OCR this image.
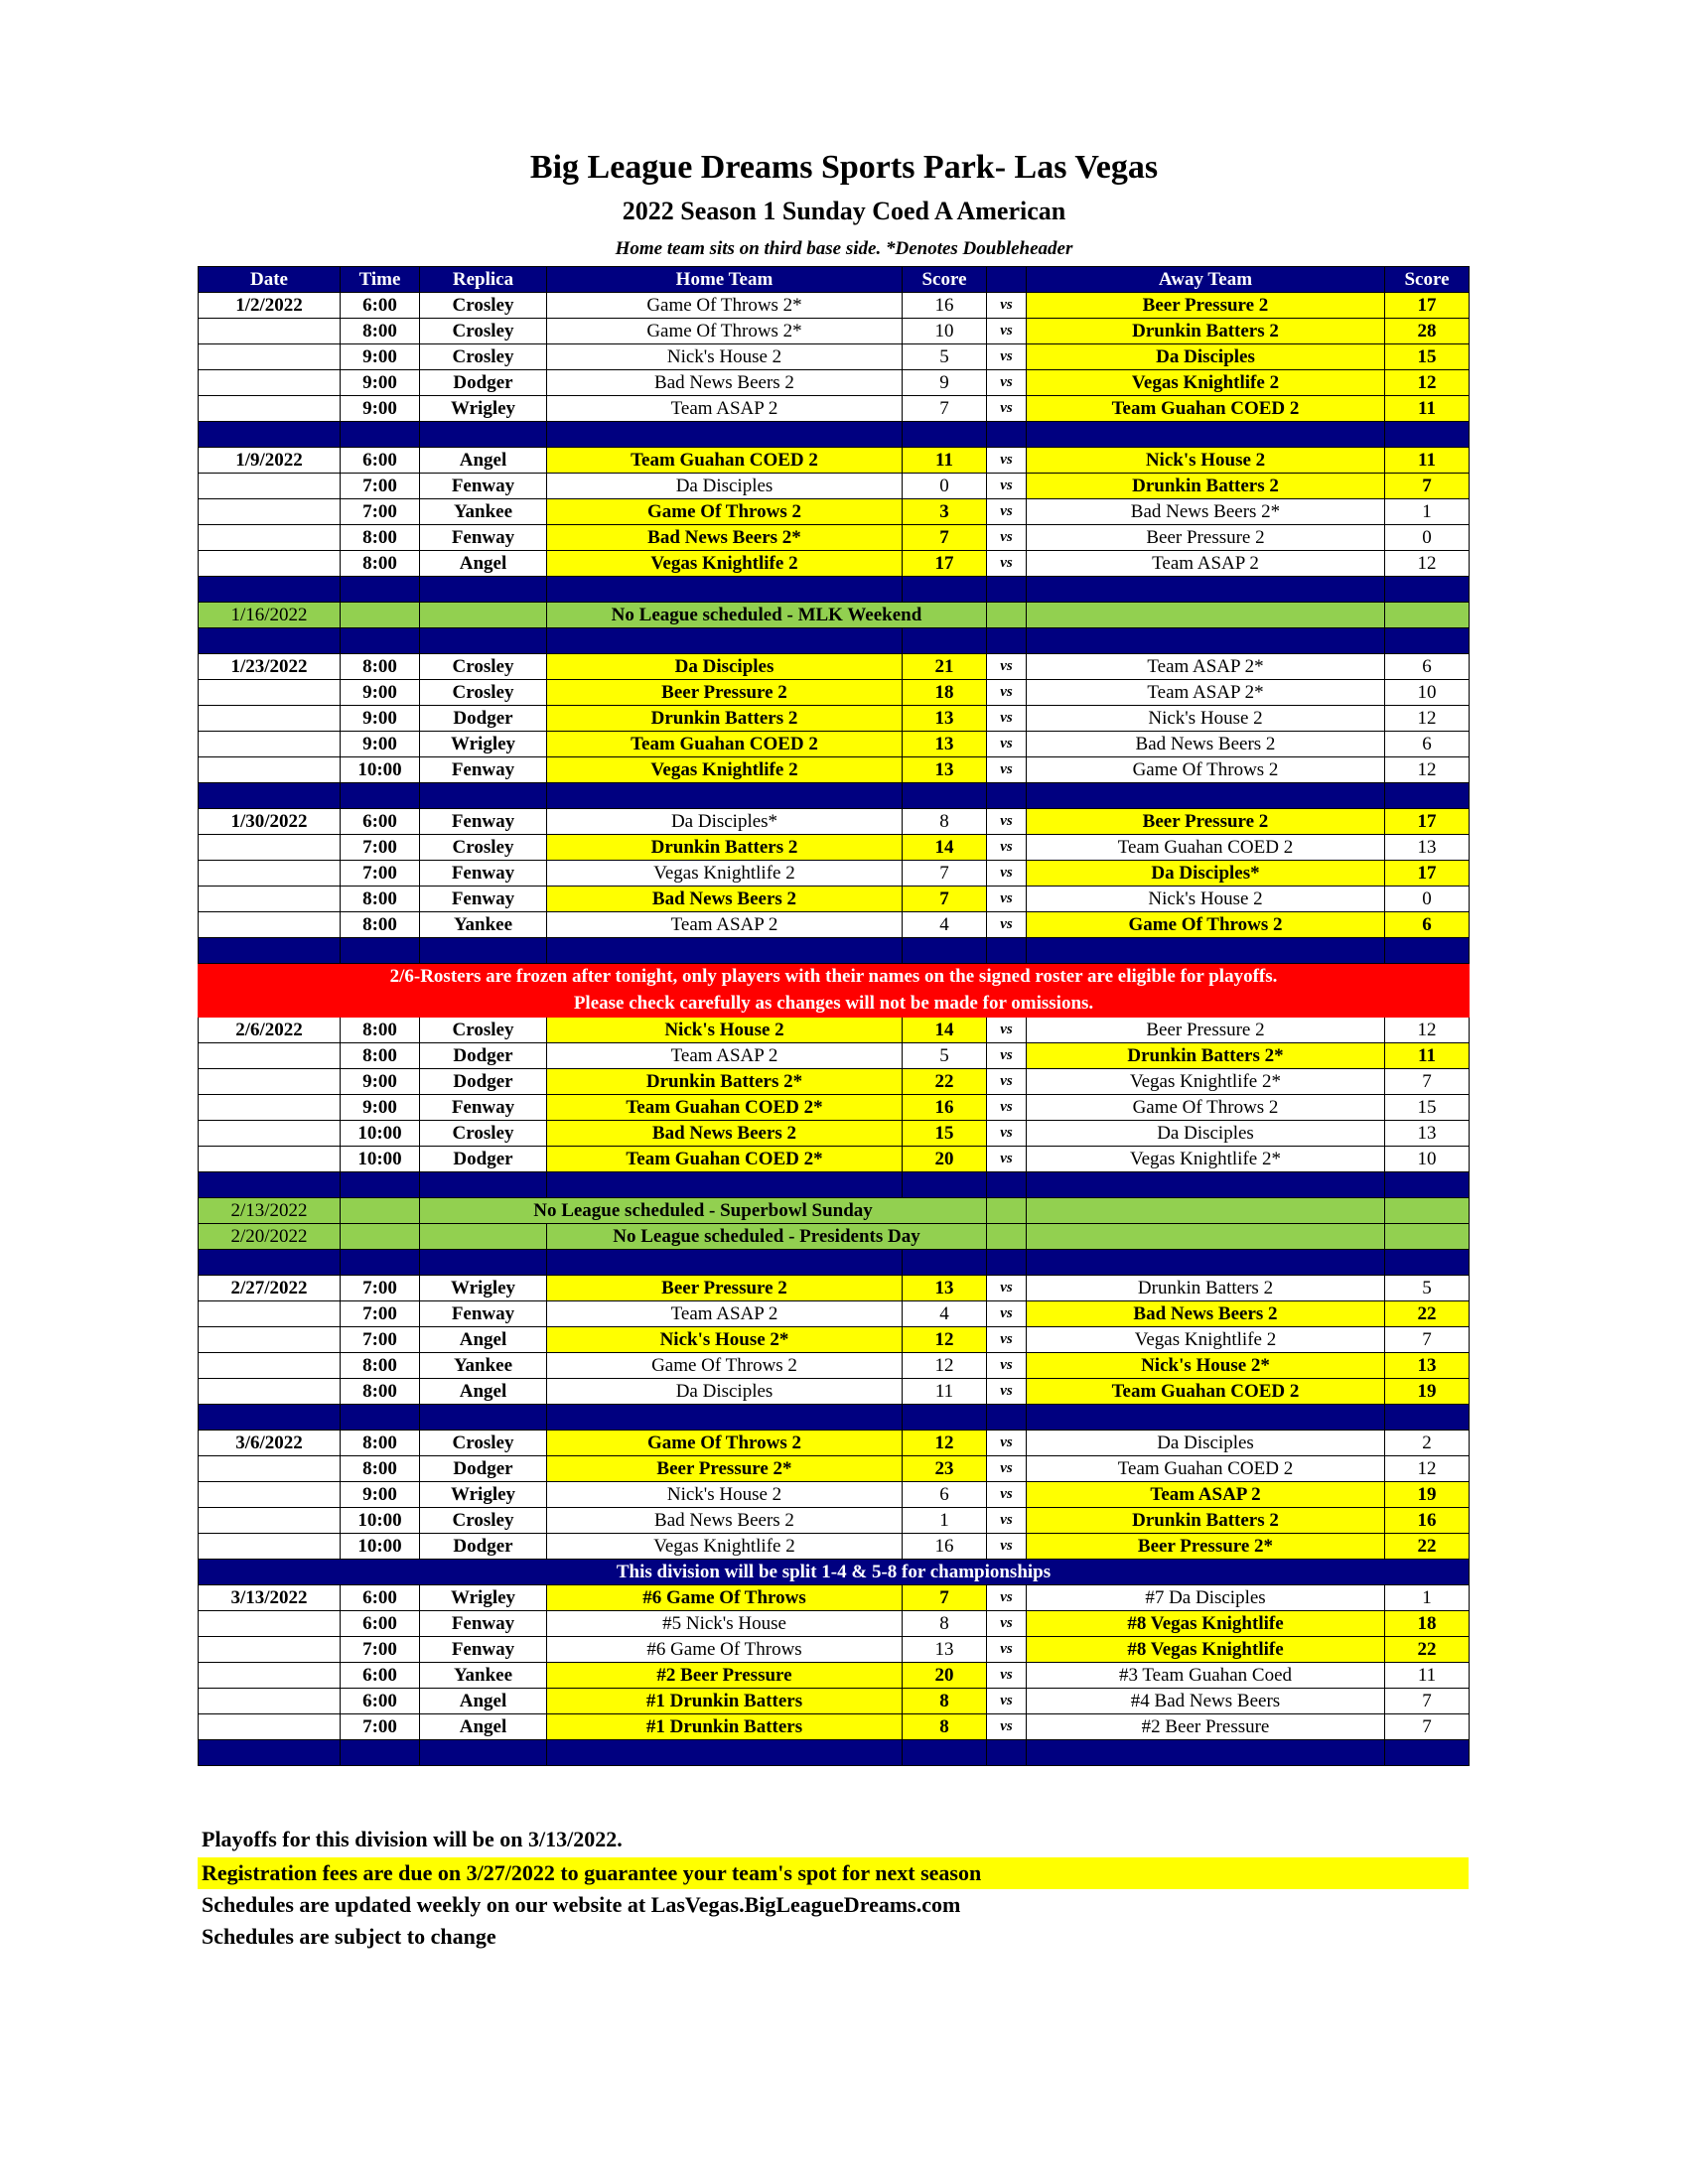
Big League Dreams Sports Park- Las Vegas
2022 Season 1 Sunday Coed A American
Home team sits on third base side. *Denotes Doubleheader
Date	Time	Replica	Home Team	Score		Away Team	Score
1/2/2022	6:00	Crosley	Game Of Throws 2*	16	vs	Beer Pressure 2	17
	8:00	Crosley	Game Of Throws 2*	10	vs	Drunkin Batters 2	28
	9:00	Crosley	Nick's House 2	5	vs	Da Disciples	15
	9:00	Dodger	Bad News Beers 2	9	vs	Vegas Knightlife 2	12
	9:00	Wrigley	Team ASAP 2	7	vs	Team Guahan COED 2	11

1/9/2022	6:00	Angel	Team Guahan COED 2	11	vs	Nick's House 2	11
	7:00	Fenway	Da Disciples	0	vs	Drunkin Batters 2	7
	7:00	Yankee	Game Of Throws 2	3	vs	Bad News Beers 2*	1
	8:00	Fenway	Bad News Beers 2*	7	vs	Beer Pressure 2	0
	8:00	Angel	Vegas Knightlife 2	17	vs	Team ASAP 2	12

1/16/2022			No League scheduled - MLK Weekend				

1/23/2022	8:00	Crosley	Da Disciples	21	vs	Team ASAP 2*	6
	9:00	Crosley	Beer Pressure 2	18	vs	Team ASAP 2*	10
	9:00	Dodger	Drunkin Batters 2	13	vs	Nick's House 2	12
	9:00	Wrigley	Team Guahan COED 2	13	vs	Bad News Beers 2	6
	10:00	Fenway	Vegas Knightlife 2	13	vs	Game Of Throws 2	12

1/30/2022	6:00	Fenway	Da Disciples*	8	vs	Beer Pressure 2	17
	7:00	Crosley	Drunkin Batters 2	14	vs	Team Guahan COED 2	13
	7:00	Fenway	Vegas Knightlife 2	7	vs	Da Disciples*	17
	8:00	Fenway	Bad News Beers 2	7	vs	Nick's House 2	0
	8:00	Yankee	Team ASAP 2	4	vs	Game Of Throws 2	6

2/6-Rosters are frozen after tonight, only players with their names on the signed roster are eligible for playoffs.							
Please check carefully as changes will not be made for omissions.							
2/6/2022	8:00	Crosley	Nick's House 2	14	vs	Beer Pressure 2	12
	8:00	Dodger	Team ASAP 2	5	vs	Drunkin Batters 2*	11
	9:00	Dodger	Drunkin Batters 2*	22	vs	Vegas Knightlife 2*	7
	9:00	Fenway	Team Guahan COED 2*	16	vs	Game Of Throws 2	15
	10:00	Crosley	Bad News Beers 2	15	vs	Da Disciples	13
	10:00	Dodger	Team Guahan COED 2*	20	vs	Vegas Knightlife 2*	10

2/13/2022		No League scheduled - Superbowl Sunday					
2/20/2022			No League scheduled - Presidents Day				

2/27/2022	7:00	Wrigley	Beer Pressure 2	13	vs	Drunkin Batters 2	5
	7:00	Fenway	Team ASAP 2	4	vs	Bad News Beers 2	22
	7:00	Angel	Nick's House 2*	12	vs	Vegas Knightlife 2	7
	8:00	Yankee	Game Of Throws 2	12	vs	Nick's House 2*	13
	8:00	Angel	Da Disciples	11	vs	Team Guahan COED 2	19

3/6/2022	8:00	Crosley	Game Of Throws 2	12	vs	Da Disciples	2
	8:00	Dodger	Beer Pressure 2*	23	vs	Team Guahan COED 2	12
	9:00	Wrigley	Nick's House 2	6	vs	Team ASAP 2	19
	10:00	Crosley	Bad News Beers 2	1	vs	Drunkin Batters 2	16
	10:00	Dodger	Vegas Knightlife 2	16	vs	Beer Pressure 2*	22
This division will be split 1-4 & 5-8 for championships							
3/13/2022	6:00	Wrigley	#6 Game Of Throws	7	vs	#7 Da Disciples	1
	6:00	Fenway	#5 Nick's House	8	vs	#8 Vegas Knightlife	18
	7:00	Fenway	#6 Game Of Throws	13	vs	#8 Vegas Knightlife	22
	6:00	Yankee	#2 Beer Pressure	20	vs	#3 Team Guahan Coed	11
	6:00	Angel	#1 Drunkin Batters	8	vs	#4 Bad News Beers	7
	7:00	Angel	#1 Drunkin Batters	8	vs	#2 Beer Pressure	7

Playoffs for this division will be on 3/13/2022.
Registration fees are due on 3/27/2022 to guarantee your team's spot for next season
Schedules are updated weekly on our website at LasVegas.BigLeagueDreams.com
Schedules are subject to change
